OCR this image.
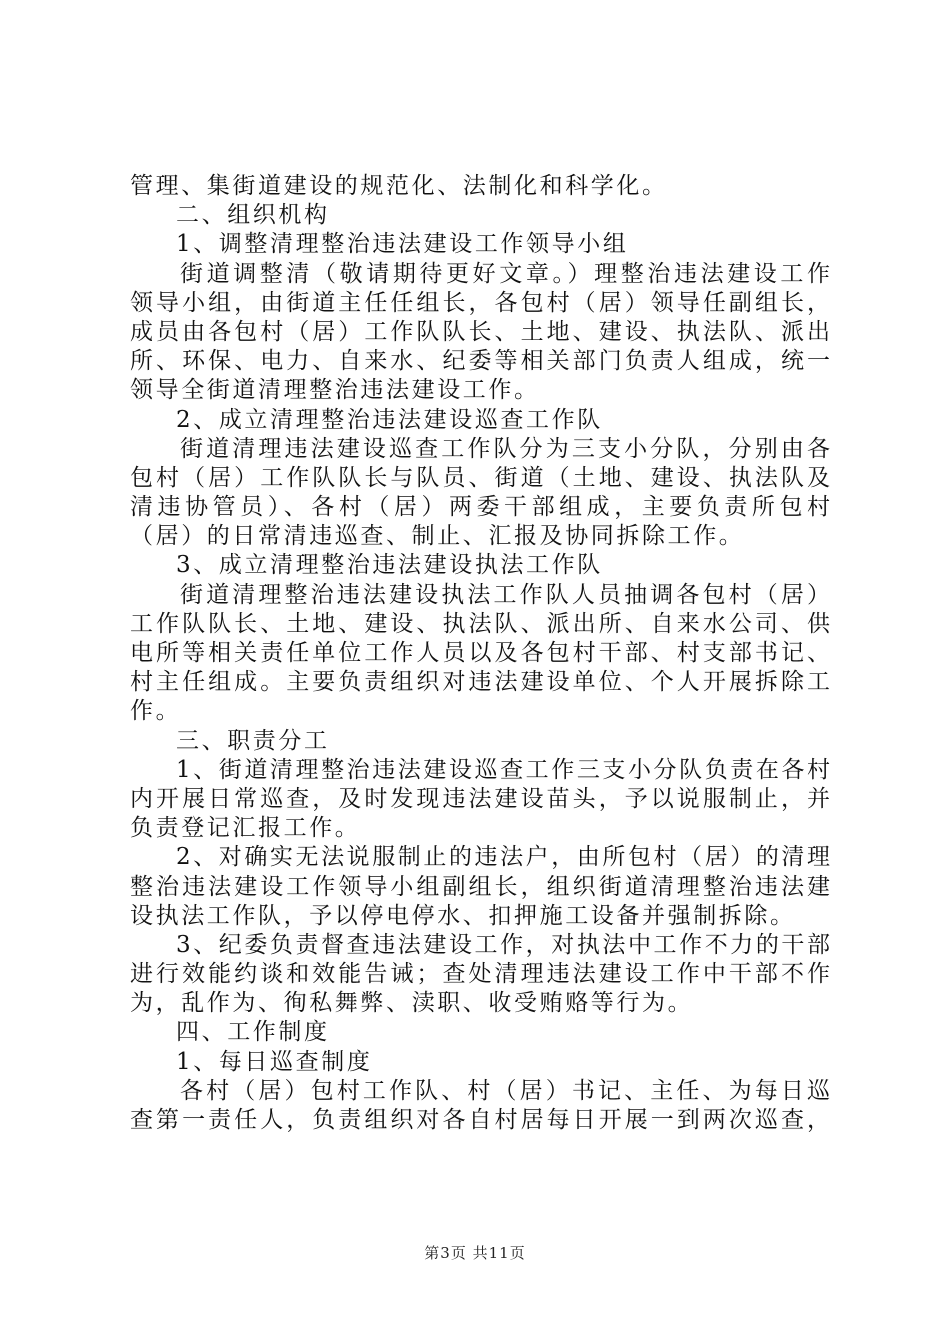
管理、集街道建设的规范化、法制化和科学化。
二、组织机构
1、调整清理整治违法建设工作领导小组
街道调整清（敬请期待更好文章。）理整治违法建设工作
领导小组，由街道主任任组长，各包村（居）领导任副组长，
成员由各包村（居）工作队队长、土地、建设、执法队、派出
所、环保、电力、自来水、纪委等相关部门负责人组成，统一
领导全街道清理整治违法建设工作。
2、成立清理整治违法建设巡查工作队
街道清理违法建设巡查工作队分为三支小分队，分别由各
包村（居）工作队队长与队员、街道（土地、建设、执法队及
清违协管员）、各村（居）两委干部组成，主要负责所包村
（居）的日常清违巡查、制止、汇报及协同拆除工作。
3、成立清理整治违法建设执法工作队
街道清理整治违法建设执法工作队人员抽调各包村（居）
工作队队长、土地、建设、执法队、派出所、自来水公司、供
电所等相关责任单位工作人员以及各包村干部、村支部书记、
村主任组成。主要负责组织对违法建设单位、个人开展拆除工
作。
三、职责分工
1、街道清理整治违法建设巡查工作三支小分队负责在各村
内开展日常巡查，及时发现违法建设苗头，予以说服制止，并
负责登记汇报工作。
2、对确实无法说服制止的违法户，由所包村（居）的清理
整治违法建设工作领导小组副组长，组织街道清理整治违法建
设执法工作队，予以停电停水、扣押施工设备并强制拆除。
3、纪委负责督查违法建设工作，对执法中工作不力的干部
进行效能约谈和效能告诫；查处清理违法建设工作中干部不作
为，乱作为、徇私舞弊、渎职、收受贿赂等行为。
四、工作制度
1、每日巡查制度
各村（居）包村工作队、村（居）书记、主任、为每日巡
查第一责任人，负责组织对各自村居每日开展一到两次巡查，
第3页 共11页
